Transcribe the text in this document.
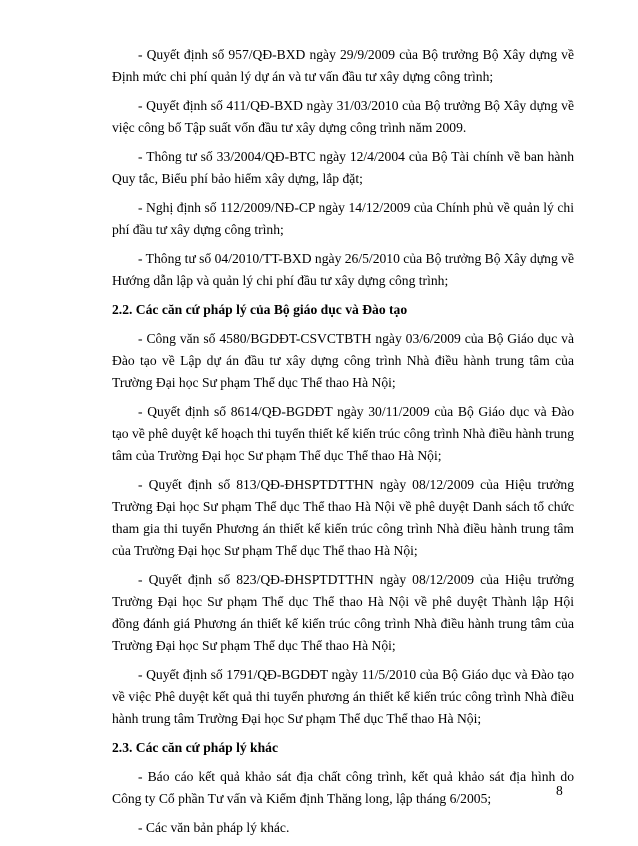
- Quyết định số 957/QĐ-BXD ngày 29/9/2009 của Bộ trưởng Bộ Xây dựng về Định mức chi phí quản lý dự án và tư vấn đầu tư xây dựng công trình;

- Quyết định số 411/QĐ-BXD ngày 31/03/2010 của Bộ trưởng Bộ Xây dựng về việc công bố Tập suất vốn đầu tư xây dựng công trình năm 2009.

- Thông tư số 33/2004/QĐ-BTC ngày 12/4/2004 của Bộ Tài chính về ban hành Quy tắc, Biểu phí bảo hiểm xây dựng, lắp đặt;

- Nghị định số 112/2009/NĐ-CP ngày 14/12/2009 của Chính phủ về quản lý chi phí đầu tư xây dựng công trình;

- Thông tư số 04/2010/TT-BXD ngày 26/5/2010 của Bộ trưởng Bộ Xây dựng về Hướng dẫn lập và quản lý chi phí đầu tư xây dựng công trình;

2.2. Các căn cứ pháp lý của Bộ giáo dục và Đào tạo

- Công văn số 4580/BGDĐT-CSVCTBTH ngày 03/6/2009 của Bộ Giáo dục và Đào tạo về Lập dự án đầu tư xây dựng công trình Nhà điều hành trung tâm của Trường Đại học Sư phạm Thể dục Thể thao Hà Nội;

- Quyết định số 8614/QĐ-BGDĐT ngày 30/11/2009 của Bộ Giáo dục và Đào tạo về phê duyệt kế hoạch thi tuyển thiết kế kiến trúc công trình Nhà điều hành trung tâm của Trường Đại học Sư phạm Thể dục Thể thao Hà Nội;

- Quyết định số 813/QĐ-ĐHSPTDTTHN ngày 08/12/2009 của Hiệu trưởng Trường Đại học Sư phạm Thể dục Thể thao Hà Nội về phê duyệt Danh sách tổ chức tham gia thi tuyển Phương án thiết kế kiến trúc công trình Nhà điều hành trung tâm của Trường Đại học Sư phạm Thể dục Thể thao Hà Nội;

- Quyết định số 823/QĐ-ĐHSPTDTTHN ngày 08/12/2009 của Hiệu trưởng Trường Đại học Sư phạm Thể dục Thể thao Hà Nội về phê duyệt Thành lập Hội đồng đánh giá Phương án thiết kế kiến trúc công trình Nhà điều hành trung tâm của Trường Đại học Sư phạm Thể dục Thể thao Hà Nội;

- Quyết định số 1791/QĐ-BGDĐT ngày 11/5/2010 của Bộ Giáo dục và Đào tạo về việc Phê duyệt kết quả thi tuyển phương án thiết kế kiến trúc công trình Nhà điều hành trung tâm Trường Đại học Sư phạm Thể dục Thể thao Hà Nội;

2.3. Các căn cứ pháp lý khác

- Báo cáo kết quả khảo sát địa chất công trình, kết quả khảo sát địa hình do Công ty Cổ phần Tư vấn và Kiểm định Thăng long, lập tháng 6/2005;

- Các văn bản pháp lý khác.

8
